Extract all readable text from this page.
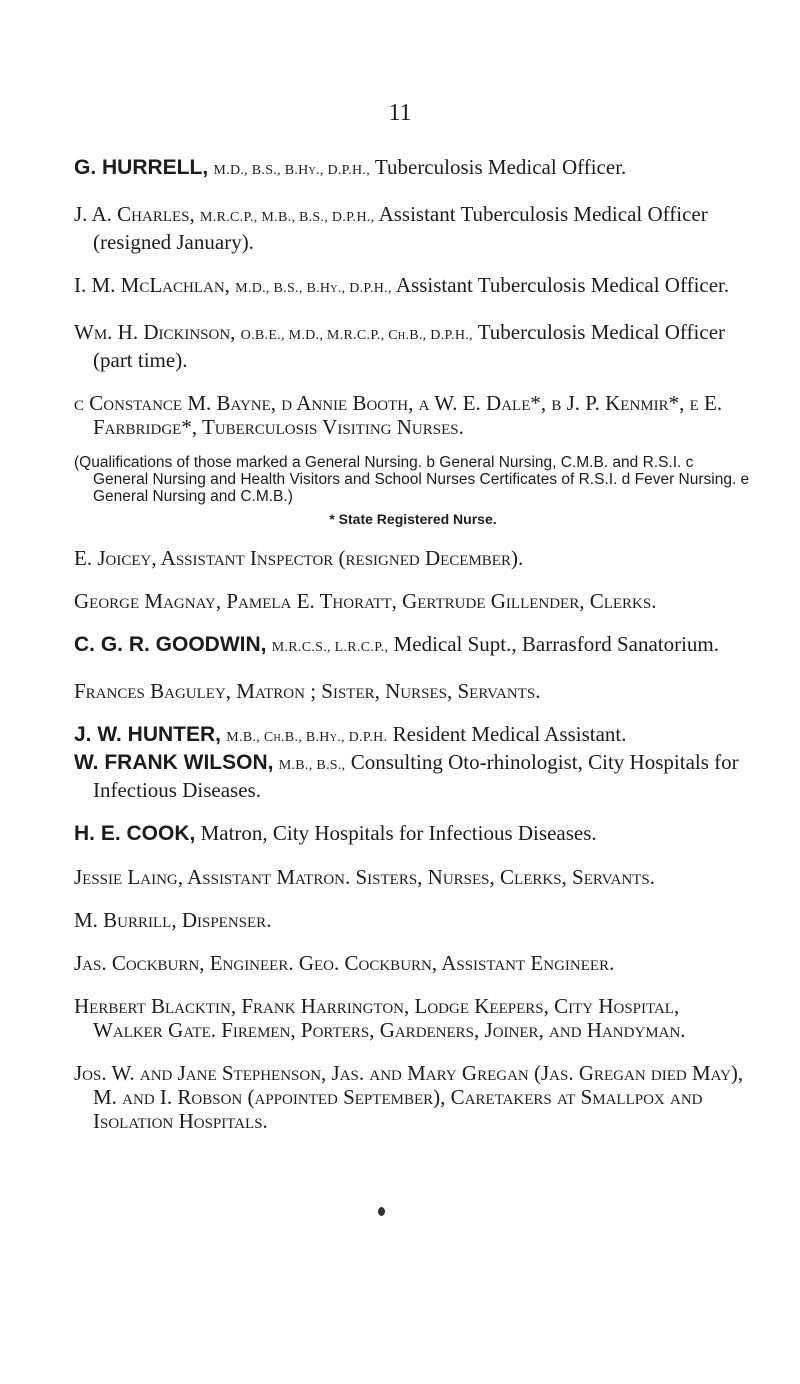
11

G. HURRELL, M.D., B.S., B.Hy., D.P.H., Tuberculosis Medical Officer.

J. A. Charles, M.R.C.P., M.B., B.S., D.P.H., Assistant Tuberculosis Medical Officer (resigned January).

I. M. McLachlan, M.D., B.S., B.Hy., D.P.H., Assistant Tuberculosis Medical Officer.

Wm. H. Dickinson, O.B.E., M.D., M.R.C.P., Ch.B., D.P.H., Tuberculosis Medical Officer (part time).

c Constance M. Bayne, d Annie Booth, a W. E. Dale*, b J. P. Kenmir*, e E. Farbridge*, Tuberculosis Visiting Nurses.

(Qualifications of those marked a General Nursing. b General Nursing, C.M.B. and R.S.I. c General Nursing and Health Visitors and School Nurses Certificates of R.S.I. d Fever Nursing. e General Nursing and C.M.B.)

* State Registered Nurse.

E. Joicey, Assistant Inspector (resigned December).

George Magnay, Pamela E. Thoratt, Gertrude Gillender, Clerks.

C. G. R. GOODWIN, M.R.C.S., L.R.C.P., Medical Supt., Barrasford Sanatorium.

Frances Baguley, Matron ; Sister, Nurses, Servants.

J. W. HUNTER, M.B., Ch.B., B.Hy., D.P.H. Resident Medical Assistant.

W. FRANK WILSON, M.B., B.S., Consulting Oto-rhinologist, City Hospitals for Infectious Diseases.

H. E. COOK, Matron, City Hospitals for Infectious Diseases.

Jessie Laing, Assistant Matron. Sisters, Nurses, Clerks, Servants.

M. Burrill, Dispenser.

Jas. Cockburn, Engineer. Geo. Cockburn, Assistant Engineer.

Herbert Blacktin, Frank Harrington, Lodge Keepers, City Hospital, Walker Gate. Firemen, Porters, Gardeners, Joiner, and Handyman.

Jos. W. and Jane Stephenson, Jas. and Mary Gregan (Jas. Gregan died May), M. and I. Robson (appointed September), Caretakers at Smallpox and Isolation Hospitals.
